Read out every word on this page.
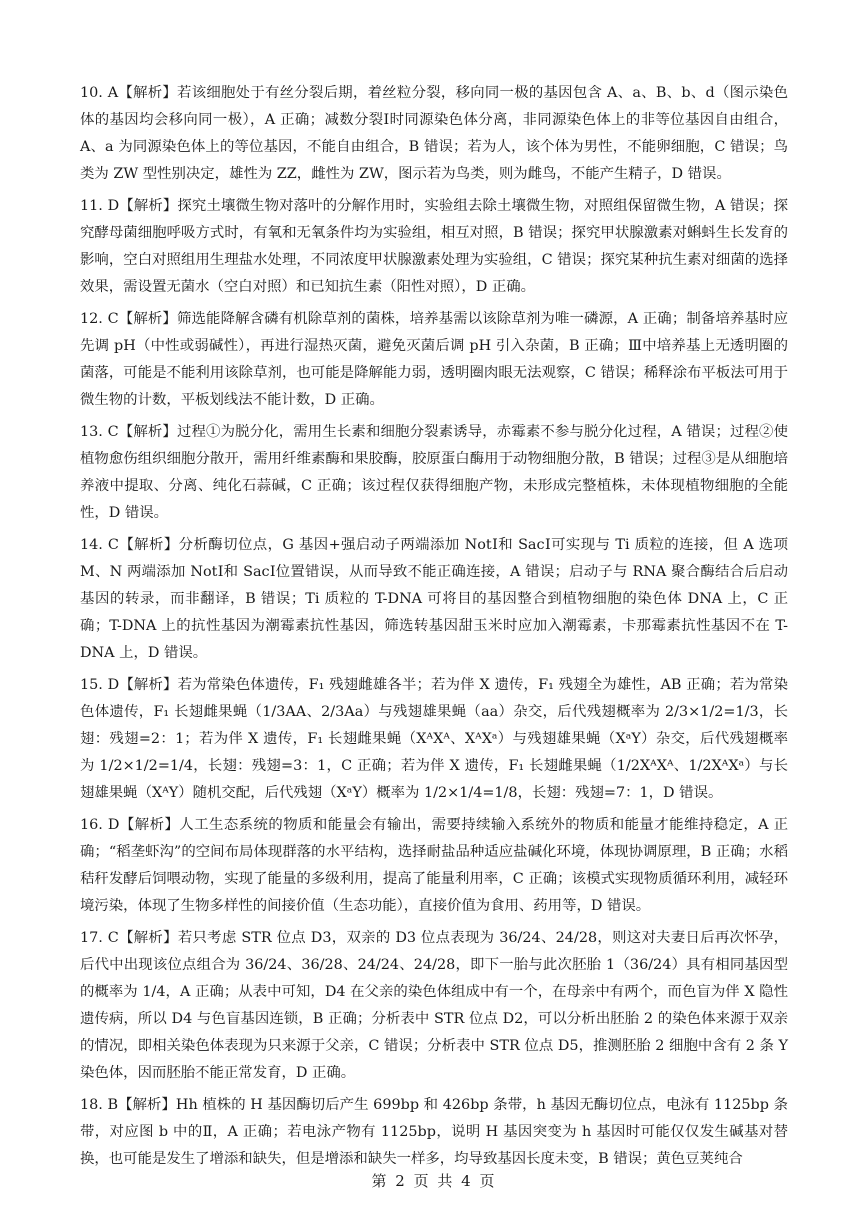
10. A【解析】若该细胞处于有丝分裂后期，着丝粒分裂，移向同一极的基因包含 A、a、B、b、d（图示染色体的基因均会移向同一极），A 正确；减数分裂Ⅰ时同源染色体分离，非同源染色体上的非等位基因自由组合，A、a 为同源染色体上的等位基因，不能自由组合，B 错误；若为人，该个体为男性，不能卵细胞，C 错误；鸟类为 ZW 型性别决定，雄性为 ZZ，雌性为 ZW，图示若为鸟类，则为雌鸟，不能产生精子，D 错误。

11. D【解析】探究土壤微生物对落叶的分解作用时，实验组去除土壤微生物，对照组保留微生物，A 错误；探究酵母菌细胞呼吸方式时，有氧和无氧条件均为实验组，相互对照，B 错误；探究甲状腺激素对蝌蚪生长发育的影响，空白对照组用生理盐水处理，不同浓度甲状腺激素处理为实验组，C 错误；探究某种抗生素对细菌的选择效果，需设置无菌水（空白对照）和已知抗生素（阳性对照），D 正确。

12. C【解析】筛选能降解含磷有机除草剂的菌株，培养基需以该除草剂为唯一磷源，A 正确；制备培养基时应先调 pH（中性或弱碱性），再进行湿热灭菌，避免灭菌后调 pH 引入杂菌，B 正确；Ⅲ中培养基上无透明圈的菌落，可能是不能利用该除草剂，也可能是降解能力弱，透明圈肉眼无法观察，C 错误；稀释涂布平板法可用于微生物的计数，平板划线法不能计数，D 正确。

13. C【解析】过程①为脱分化，需用生长素和细胞分裂素诱导，赤霉素不参与脱分化过程，A 错误；过程②使植物愈伤组织细胞分散开，需用纤维素酶和果胶酶，胶原蛋白酶用于动物细胞分散，B 错误；过程③是从细胞培养液中提取、分离、纯化石蒜碱，C 正确；该过程仅获得细胞产物，未形成完整植株，未体现植物细胞的全能性，D 错误。

14. C【解析】分析酶切位点，G 基因+强启动子两端添加 NotⅠ和 SacⅠ可实现与 Ti 质粒的连接，但 A 选项 M、N 两端添加 NotⅠ和 SacⅠ位置错误，从而导致不能正确连接，A 错误；启动子与 RNA 聚合酶结合后启动基因的转录，而非翻译，B 错误；Ti 质粒的 T-DNA 可将目的基因整合到植物细胞的染色体 DNA 上，C 正确；T-DNA 上的抗性基因为潮霉素抗性基因，筛选转基因甜玉米时应加入潮霉素，卡那霉素抗性基因不在 T-DNA 上，D 错误。

15. D【解析】若为常染色体遗传，F₁ 残翅雌雄各半；若为伴 X 遗传，F₁ 残翅全为雄性，AB 正确；若为常染色体遗传，F₁ 长翅雌果蝇（1/3AA、2/3Aa）与残翅雄果蝇（aa）杂交，后代残翅概率为 2/3×1/2=1/3，长翅：残翅=2：1；若为伴 X 遗传，F₁ 长翅雌果蝇（XᴬXᴬ、XᴬXᵃ）与残翅雄果蝇（XᵃY）杂交，后代残翅概率为 1/2×1/2=1/4，长翅：残翅=3：1，C 正确；若为伴 X 遗传，F₁ 长翅雌果蝇（1/2XᴬXᴬ、1/2XᴬXᵃ）与长翅雄果蝇（XᴬY）随机交配，后代残翅（XᵃY）概率为 1/2×1/4=1/8，长翅：残翅=7：1，D 错误。

16. D【解析】人工生态系统的物质和能量会有输出，需要持续输入系统外的物质和能量才能维持稳定，A 正确；“稻垄虾沟”的空间布局体现群落的水平结构，选择耐盐品种适应盐碱化环境，体现协调原理，B 正确；水稻秸秆发酵后饲喂动物，实现了能量的多级利用，提高了能量利用率，C 正确；该模式实现物质循环利用，减轻环境污染，体现了生物多样性的间接价值（生态功能），直接价值为食用、药用等，D 错误。

17. C【解析】若只考虑 STR 位点 D3，双亲的 D3 位点表现为 36/24、24/28，则这对夫妻日后再次怀孕，后代中出现该位点组合为 36/24、36/28、24/24、24/28，即下一胎与此次胚胎 1（36/24）具有相同基因型的概率为 1/4，A 正确；从表中可知，D4 在父亲的染色体组成中有一个，在母亲中有两个，而色盲为伴 X 隐性遗传病，所以 D4 与色盲基因连锁，B 正确；分析表中 STR 位点 D2，可以分析出胚胎 2 的染色体来源于双亲的情况，即相关染色体表现为只来源于父亲，C 错误；分析表中 STR 位点 D5，推测胚胎 2 细胞中含有 2 条 Y 染色体，因而胚胎不能正常发育，D 正确。

18. B【解析】Hh 植株的 H 基因酶切后产生 699bp 和 426bp 条带，h 基因无酶切位点，电泳有 1125bp 条带，对应图 b 中的Ⅱ，A 正确；若电泳产物有 1125bp，说明 H 基因突变为 h 基因时可能仅仅发生碱基对替换，也可能是发生了增添和缺失，但是增添和缺失一样多，均导致基因长度未变，B 错误；黄色豆荚纯合

第 2 页 共 4 页
